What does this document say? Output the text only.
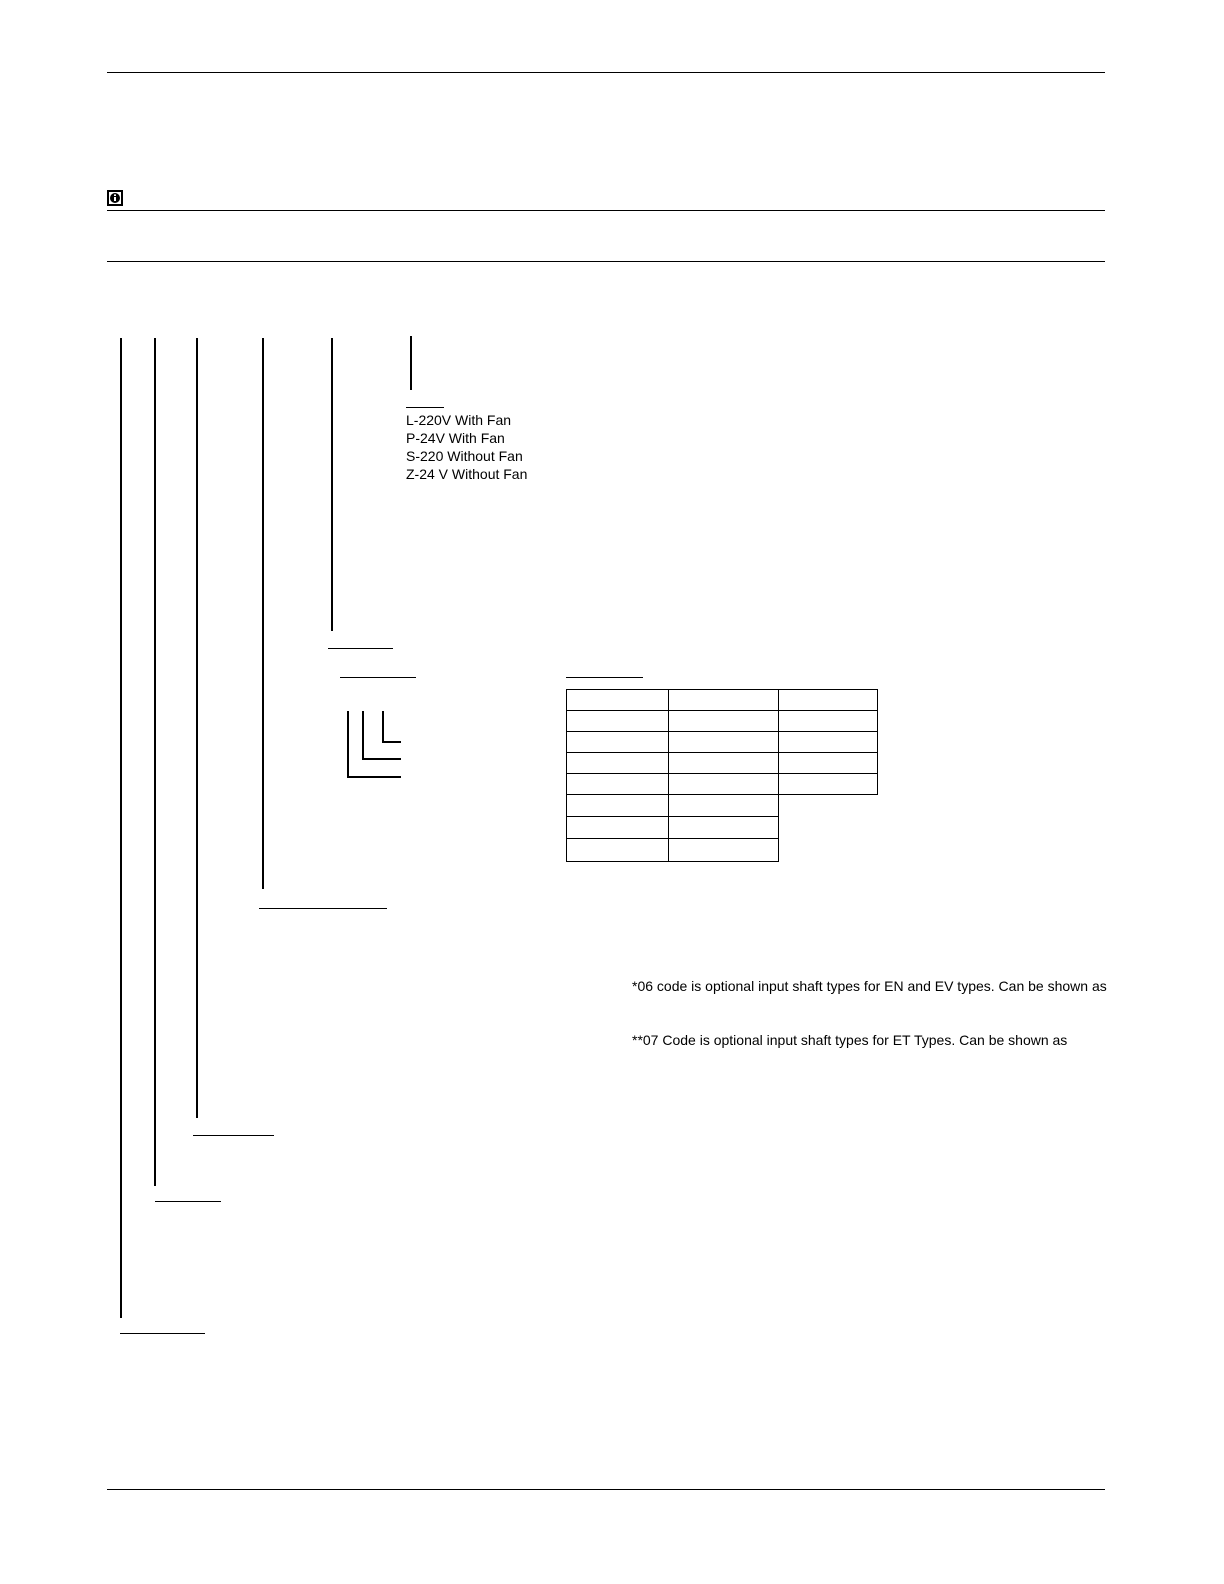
L-220V With Fan
P-24V With Fan
S-220 Without Fan
Z-24 V Without Fan
*06 code is optional input shaft types for EN and EV types. Can be shown as
**07 Code is optional input shaft types for ET Types. Can be shown as
